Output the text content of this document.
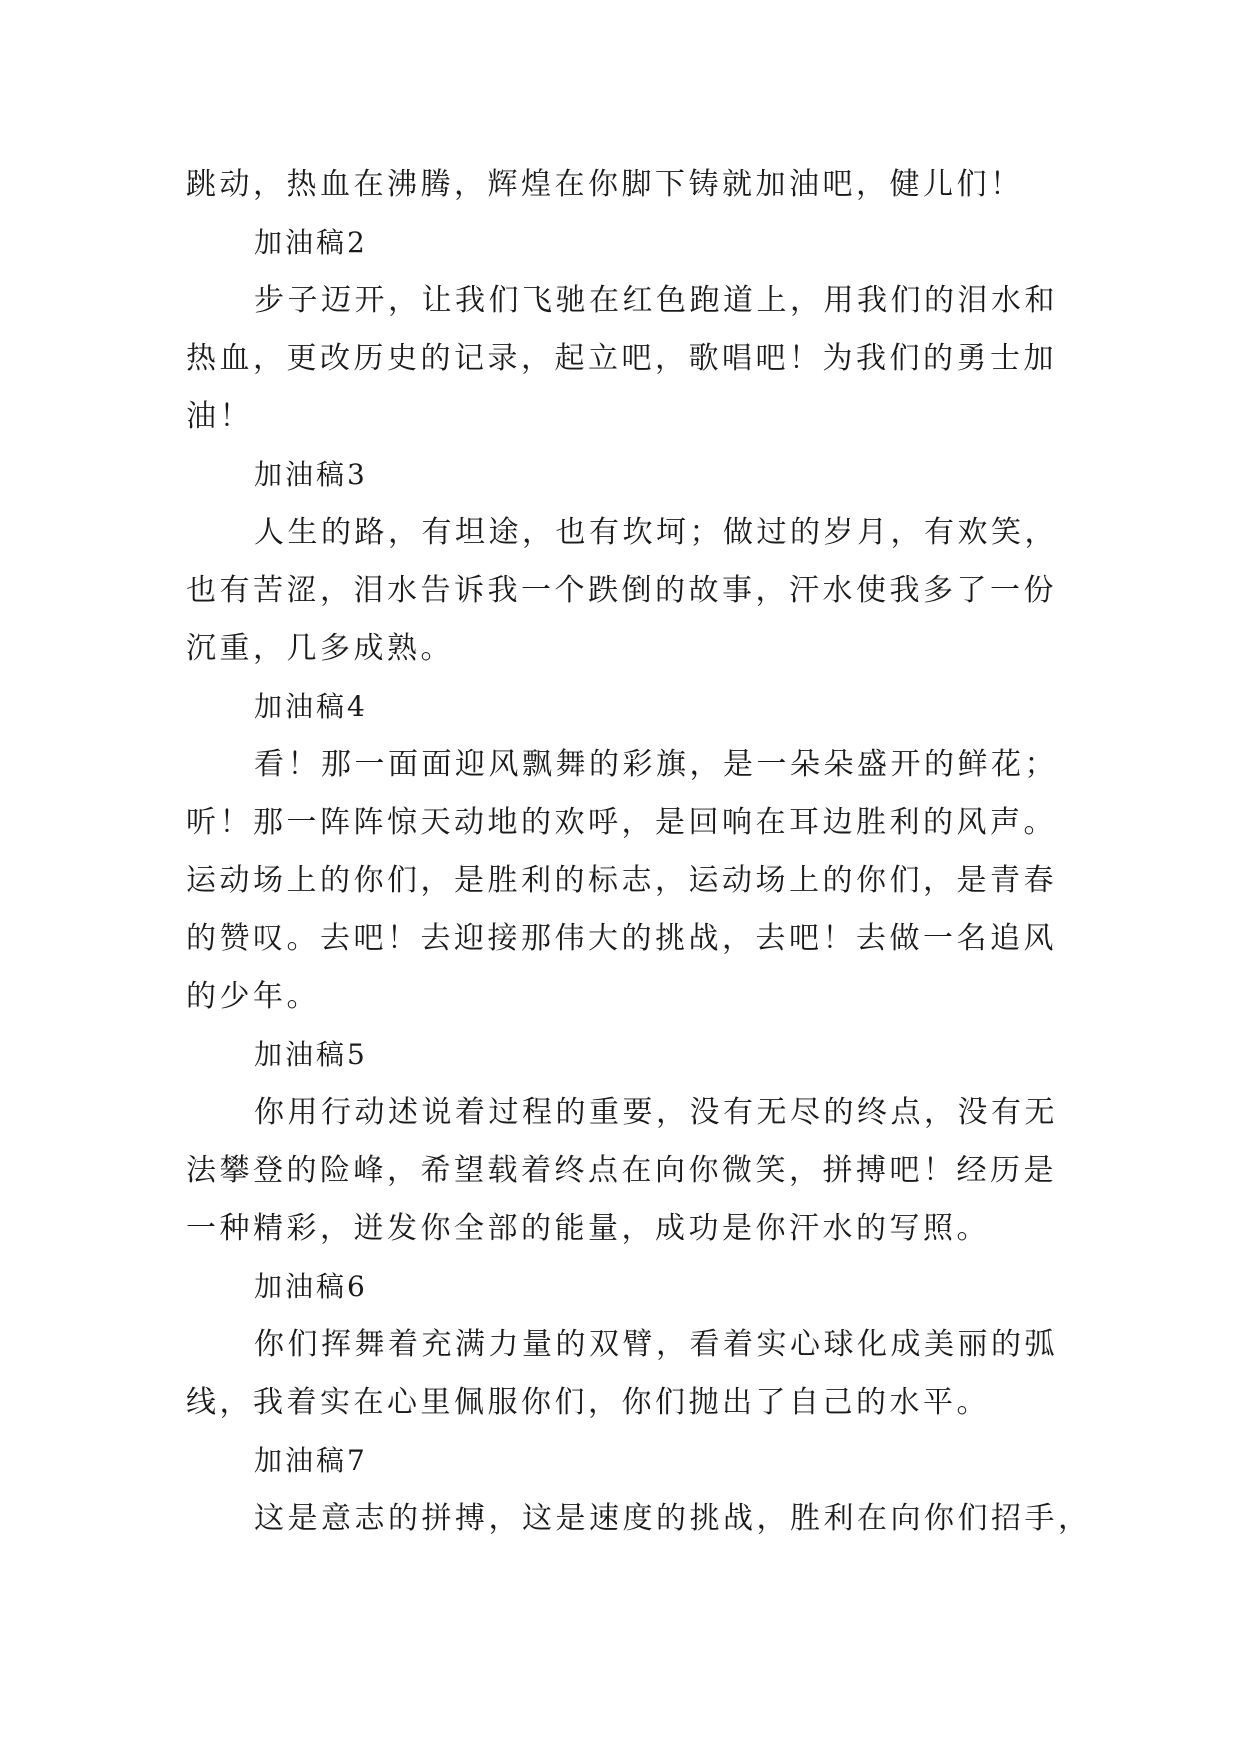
跳动，热血在沸腾，辉煌在你脚下铸就加油吧，健儿们！

加油稿2

步子迈开，让我们飞驰在红色跑道上，用我们的泪水和

热血，更改历史的记录，起立吧，歌唱吧！为我们的勇士加

油！

加油稿3

人生的路，有坦途，也有坎坷；做过的岁月，有欢笑，

也有苦涩，泪水告诉我一个跌倒的故事，汗水使我多了一份

沉重，几多成熟。

加油稿4

看！那一面面迎风飘舞的彩旗，是一朵朵盛开的鲜花；

听！那一阵阵惊天动地的欢呼，是回响在耳边胜利的风声。

运动场上的你们，是胜利的标志，运动场上的你们，是青春

的赞叹。去吧！去迎接那伟大的挑战，去吧！去做一名追风

的少年。

加油稿5

你用行动述说着过程的重要，没有无尽的终点，没有无

法攀登的险峰，希望载着终点在向你微笑，拼搏吧！经历是

一种精彩，迸发你全部的能量，成功是你汗水的写照。

加油稿6

你们挥舞着充满力量的双臂，看着实心球化成美丽的弧

线，我着实在心里佩服你们，你们抛出了自己的水平。

加油稿7

这是意志的拼搏，这是速度的挑战，胜利在向你们招手，
